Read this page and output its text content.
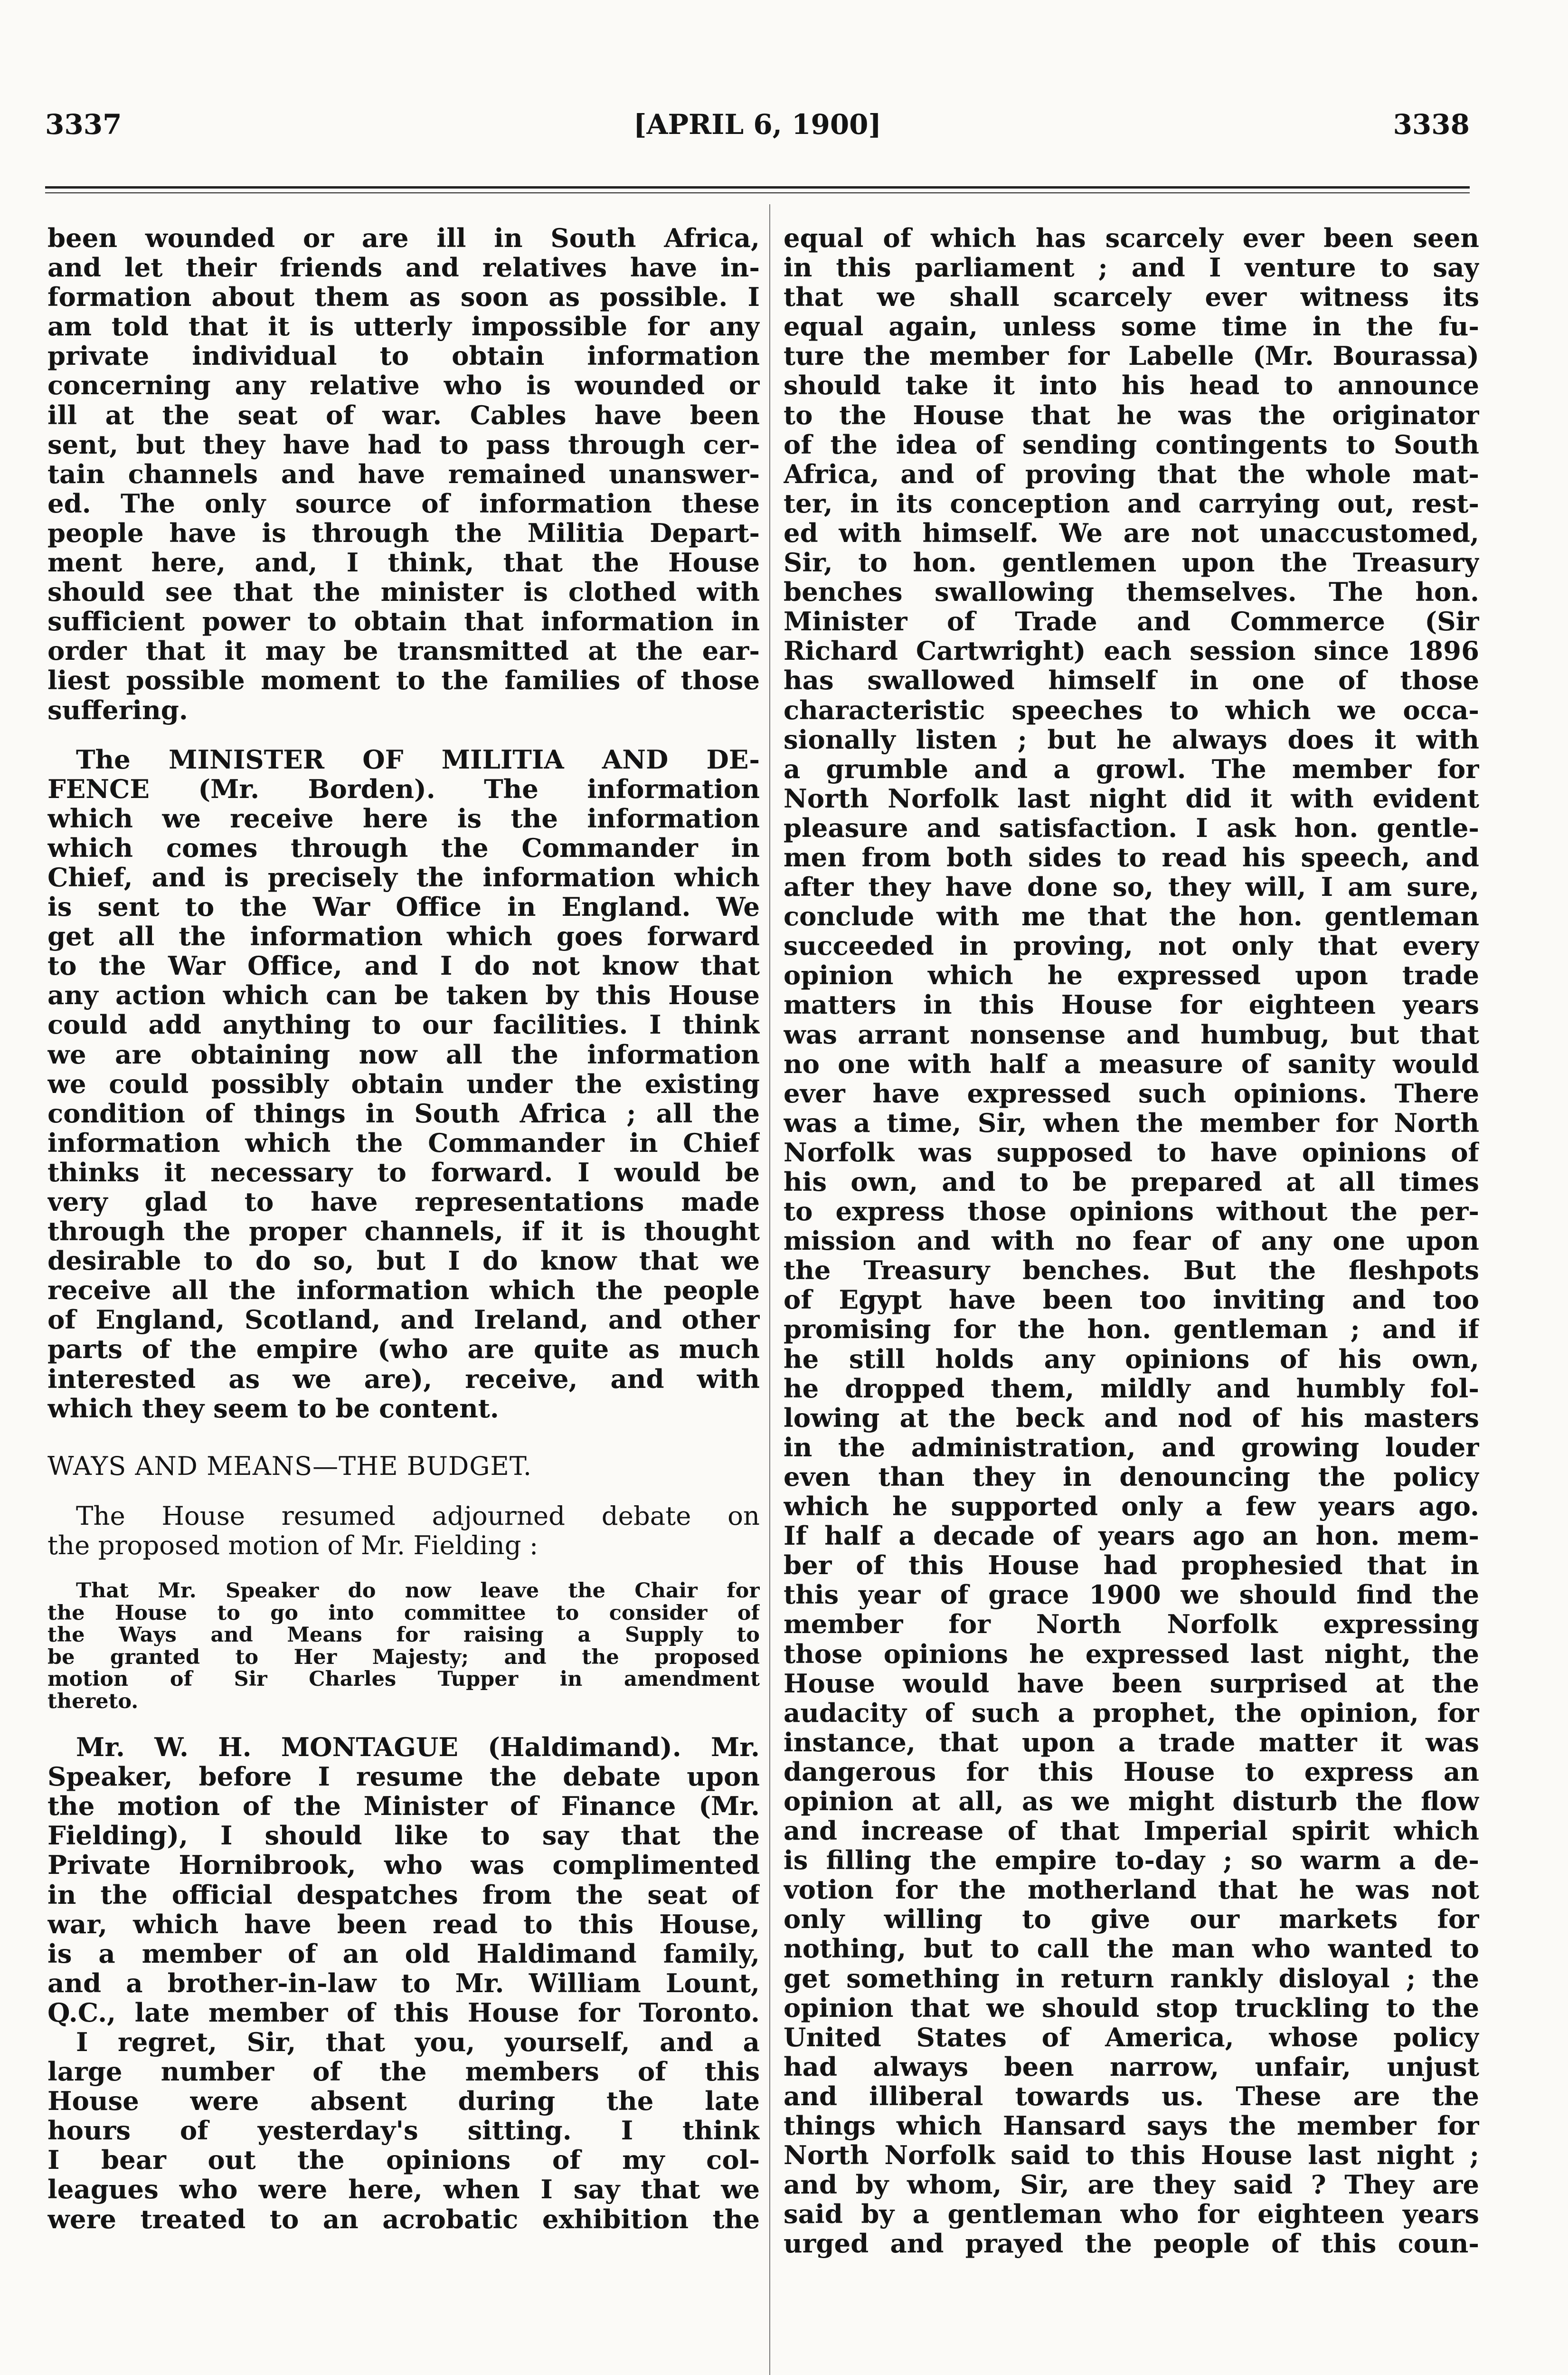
3337	[APRIL 6, 1900]	3338
been wounded or are ill in South Africa,
and let their friends and relatives have in-
formation about them as soon as possible. I
am told that it is utterly impossible for any
private individual to obtain information
concerning any relative who is wounded or
ill at the seat of war. Cables have been
sent, but they have had to pass through cer-
tain channels and have remained unanswer-
ed. The only source of information these
people have is through the Militia Depart-
ment here, and, I think, that the House
should see that the minister is clothed with
sufficient power to obtain that information in
order that it may be transmitted at the ear-
liest possible moment to the families of those
suffering.
The MINISTER OF MILITIA AND DE-
FENCE (Mr. Borden). The information
which we receive here is the information
which comes through the Commander in
Chief, and is precisely the information which
is sent to the War Office in England. We
get all the information which goes forward
to the War Office, and I do not know that
any action which can be taken by this House
could add anything to our facilities. I think
we are obtaining now all the information
we could possibly obtain under the existing
condition of things in South Africa ; all the
information which the Commander in Chief
thinks it necessary to forward. I would be
very glad to have representations made
through the proper channels, if it is thought
desirable to do so, but I do know that we
receive all the information which the people
of England, Scotland, and Ireland, and other
parts of the empire (who are quite as much
interested as we are), receive, and with
which they seem to be content.
WAYS AND MEANS—THE BUDGET.
The House resumed adjourned debate on
the proposed motion of Mr. Fielding :
That Mr. Speaker do now leave the Chair for
the House to go into committee to consider of
the Ways and Means for raising a Supply to
be granted to Her Majesty; and the proposed
motion of Sir Charles Tupper in amendment
thereto.
Mr. W. H. MONTAGUE (Haldimand). Mr.
Speaker, before I resume the debate upon
the motion of the Minister of Finance (Mr.
Fielding), I should like to say that the
Private Hornibrook, who was complimented
in the official despatches from the seat of
war, which have been read to this House,
is a member of an old Haldimand family,
and a brother-in-law to Mr. William Lount,
Q.C., late member of this House for Toronto.
I regret, Sir, that you, yourself, and a
large number of the members of this
House were absent during the late
hours of yesterday's sitting. I think
I bear out the opinions of my col-
leagues who were here, when I say that we
were treated to an acrobatic exhibition the
equal of which has scarcely ever been seen
in this parliament ; and I venture to say
that we shall scarcely ever witness its
equal again, unless some time in the fu-
ture the member for Labelle (Mr. Bourassa)
should take it into his head to announce
to the House that he was the originator
of the idea of sending contingents to South
Africa, and of proving that the whole mat-
ter, in its conception and carrying out, rest-
ed with himself. We are not unaccustomed,
Sir, to hon. gentlemen upon the Treasury
benches swallowing themselves. The hon.
Minister of Trade and Commerce (Sir
Richard Cartwright) each session since 1896
has swallowed himself in one of those
characteristic speeches to which we occa-
sionally listen ; but he always does it with
a grumble and a growl. The member for
North Norfolk last night did it with evident
pleasure and satisfaction. I ask hon. gentle-
men from both sides to read his speech, and
after they have done so, they will, I am sure,
conclude with me that the hon. gentleman
succeeded in proving, not only that every
opinion which he expressed upon trade
matters in this House for eighteen years
was arrant nonsense and humbug, but that
no one with half a measure of sanity would
ever have expressed such opinions. There
was a time, Sir, when the member for North
Norfolk was supposed to have opinions of
his own, and to be prepared at all times
to express those opinions without the per-
mission and with no fear of any one upon
the Treasury benches. But the fleshpots
of Egypt have been too inviting and too
promising for the hon. gentleman ; and if
he still holds any opinions of his own,
he dropped them, mildly and humbly fol-
lowing at the beck and nod of his masters
in the administration, and growing louder
even than they in denouncing the policy
which he supported only a few years ago.
If half a decade of years ago an hon. mem-
ber of this House had prophesied that in
this year of grace 1900 we should find the
member for North Norfolk expressing
those opinions he expressed last night, the
House would have been surprised at the
audacity of such a prophet, the opinion, for
instance, that upon a trade matter it was
dangerous for this House to express an
opinion at all, as we might disturb the flow
and increase of that Imperial spirit which
is filling the empire to-day ; so warm a de-
votion for the motherland that he was not
only willing to give our markets for
nothing, but to call the man who wanted to
get something in return rankly disloyal ; the
opinion that we should stop truckling to the
United States of America, whose policy
had always been narrow, unfair, unjust
and illiberal towards us. These are the
things which Hansard says the member for
North Norfolk said to this House last night ;
and by whom, Sir, are they said ? They are
said by a gentleman who for eighteen years
urged and prayed the people of this coun-
